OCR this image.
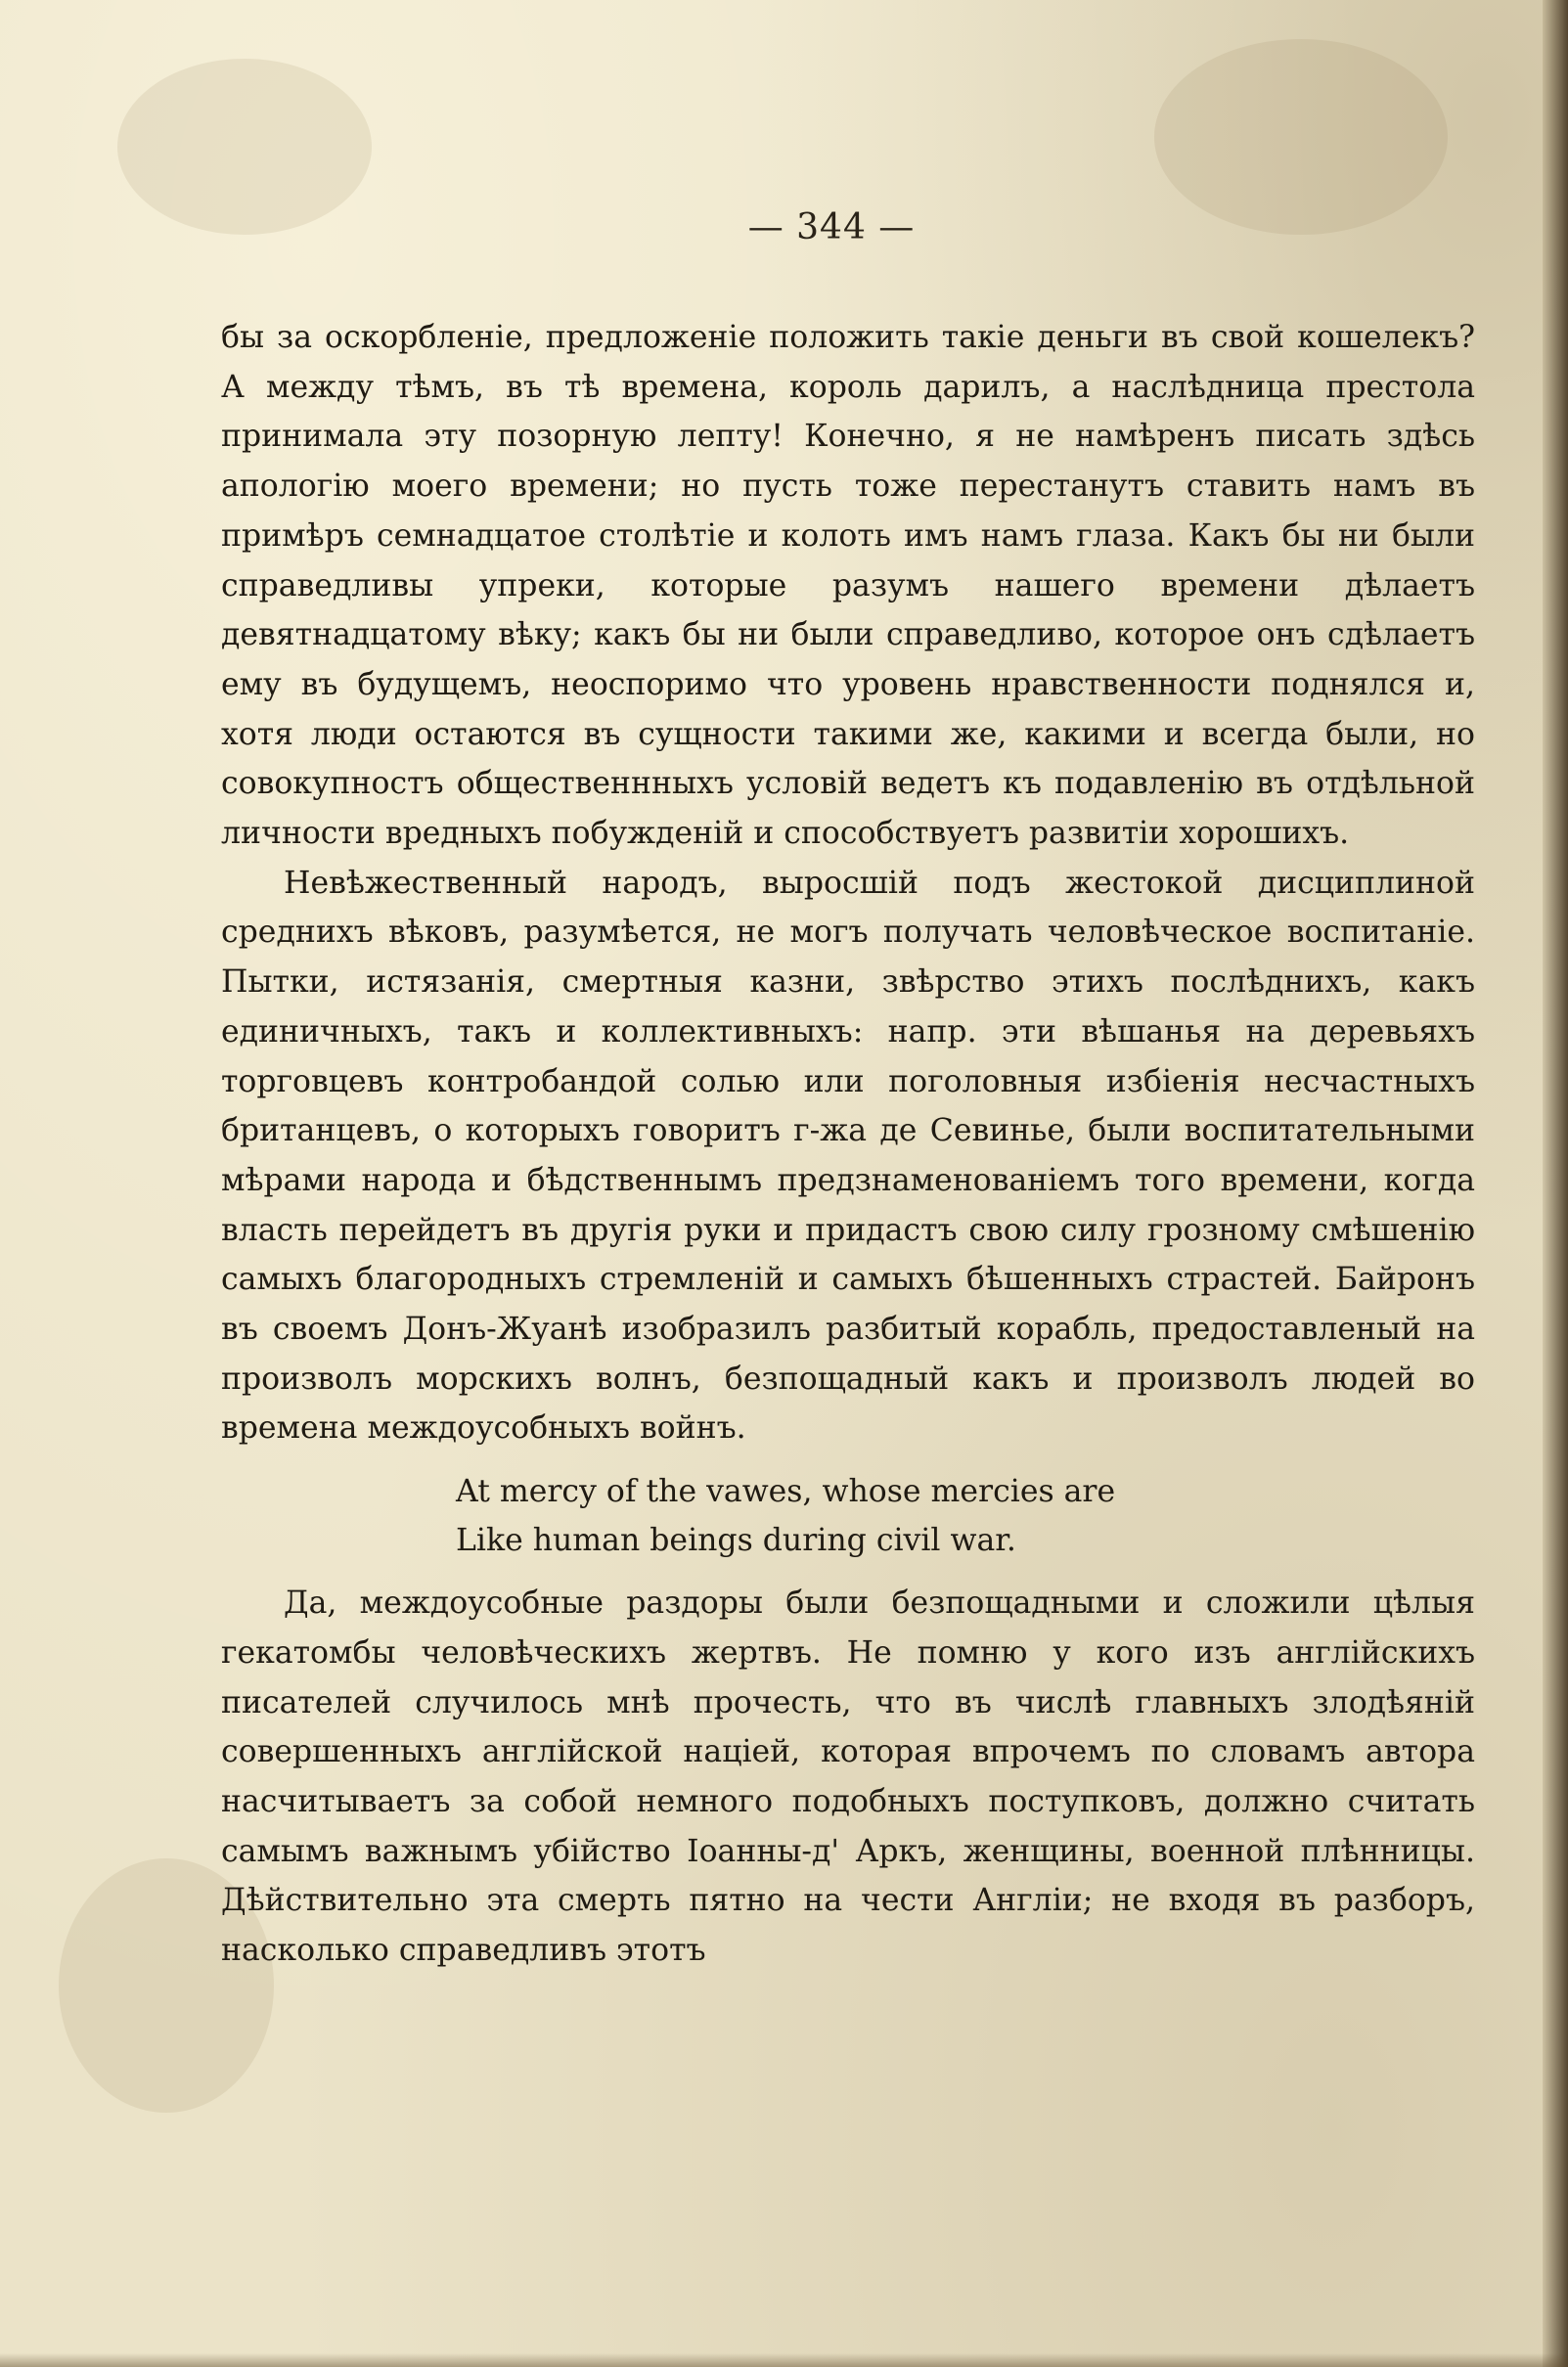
— 344 —

бы за оскорбленіе, предложеніе положить такіе деньги въ свой кошелекъ? А между тѣмъ, въ тѣ времена, король дарилъ, а наслѣдница престола принимала эту позорную лепту! Конечно, я не намѣренъ писать здѣсь апологію моего времени; но пусть тоже перестанутъ ставить намъ въ примѣръ семнадцатое столѣтіе и колоть имъ намъ глаза. Какъ бы ни были справедливы упреки, которые разумъ нашего времени дѣлаетъ девятнадцатому вѣку; какъ бы ни были справедливо, которое онъ сдѣлаетъ ему въ будущемъ, неоспоримо что уровень нравственности поднялся и, хотя люди остаются въ сущности такими же, какими и всегда были, но совокупностъ общественнныхъ условій ведетъ къ подавленію въ отдѣльной личности вредныхъ побужденій и способствуетъ развитіи хорошихъ.

Невѣжественный народъ, выросшій подъ жестокой дисциплиной среднихъ вѣковъ, разумѣется, не могъ получать человѣческое воспитаніе. Пытки, истязанія, смертныя казни, звѣрство этихъ послѣднихъ, какъ единичныхъ, такъ и коллективныхъ: напр. эти вѣшанья на деревьяхъ торговцевъ контробандой солью или поголовныя избіенія несчастныхъ британцевъ, о которыхъ говоритъ г-жа де Севинье, были воспитательными мѣрами народа и бѣдственнымъ предзнаменованіемъ того времени, когда власть перейдетъ въ другія руки и придастъ свою силу грозному смѣшенію самыхъ благородныхъ стремленій и самыхъ бѣшенныхъ страстей. Байронъ въ своемъ Донъ-Жуанѣ изобразилъ разбитый корабль, предоставленый на произволъ морскихъ волнъ, безпощадный какъ и произволъ людей во времена междоусобныхъ войнъ.

At mercy of the vawes, whose mercies are
Like human beings during civil war.

Да, междоусобные раздоры были безпощадными и сложили цѣлыя гекатомбы человѣческихъ жертвъ. Не помню у кого изъ англійскихъ писателей случилось мнѣ прочесть, что въ числѣ главныхъ злодѣяній совершенныхъ англійской націей, которая впрочемъ по словамъ автора насчитываетъ за собой немного подобныхъ поступковъ, должно считать самымъ важнымъ убійство Іоанны-д' Аркъ, женщины, военной плѣнницы. Дѣйствительно эта смерть пятно на чести Англіи; не входя въ разборъ, насколько справедливъ этотъ
